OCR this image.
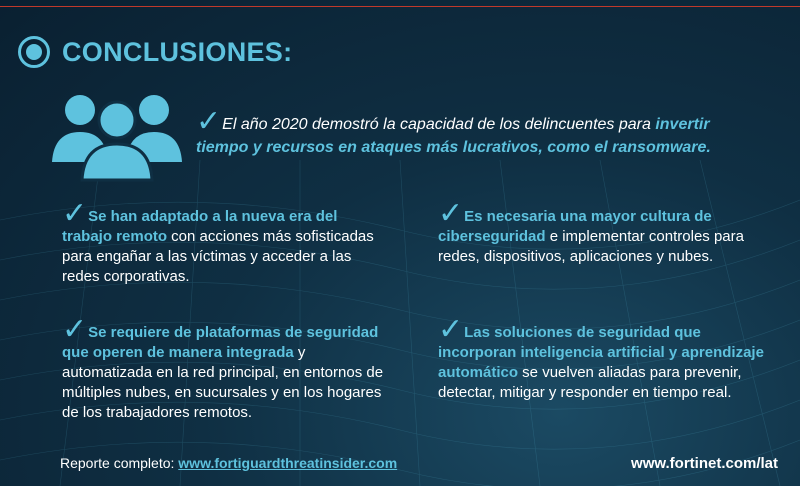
CONCLUSIONES:
✓El año 2020 demostró la capacidad de los delincuentes para invertir tiempo y recursos en ataques más lucrativos, como el ransomware.
✓Se han adaptado a la nueva era del trabajo remoto con acciones más sofisticadas para engañar a las víctimas y acceder a las redes corporativas.
✓Es necesaria una mayor cultura de ciberseguridad e implementar controles para redes, dispositivos, aplicaciones y nubes.
✓Se requiere de plataformas de seguridad que operen de manera integrada y automatizada en la red principal, en entornos de múltiples nubes, en sucursales y en los hogares de los trabajadores remotos.
✓Las soluciones de seguridad que incorporan inteligencia artificial y aprendizaje automático se vuelven aliadas para prevenir, detectar, mitigar y responder en tiempo real.
Reporte completo: www.fortiguardthreatinsider.com	www.fortinet.com/lat
